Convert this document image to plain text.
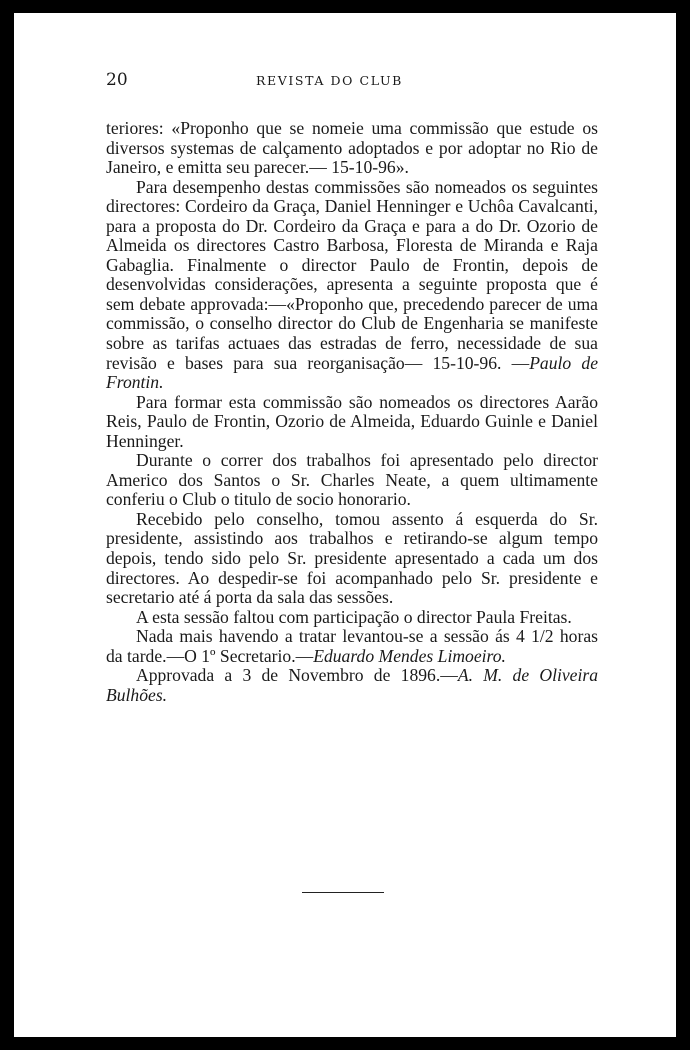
20	REVISTA DO CLUB

teriores: «Proponho que se nomeie uma commissão que estude os diversos systemas de calçamento adoptados e por adoptar no Rio de Janeiro, e emitta seu parecer.— 15-10-96».

Para desempenho destas commissões são nomeados os seguintes directores: Cordeiro da Graça, Daniel Henninger e Uchôa Cavalcanti, para a proposta do Dr. Cordeiro da Graça e para a do Dr. Ozorio de Almeida os directores Castro Barbosa, Floresta de Miranda e Raja Gabaglia. Finalmente o director Paulo de Frontin, depois de desenvolvidas considerações, apresenta a seguinte proposta que é sem debate approvada:—«Proponho que, precedendo parecer de uma commissão, o conselho director do Club de Engenharia se manifeste sobre as tarifas actuaes das estradas de ferro, necessidade de sua revisão e bases para sua reorganisação— 15-10-96. —Paulo de Frontin.

Para formar esta commissão são nomeados os directores Aarão Reis, Paulo de Frontin, Ozorio de Almeida, Eduardo Guinle e Daniel Henninger.

Durante o correr dos trabalhos foi apresentado pelo director Americo dos Santos o Sr. Charles Neate, a quem ultimamente conferiu o Club o titulo de socio honorario.

Recebido pelo conselho, tomou assento á esquerda do Sr. presidente, assistindo aos trabalhos e retirando-se algum tempo depois, tendo sido pelo Sr. presidente apresentado a cada um dos directores. Ao despedir-se foi acompanhado pelo Sr. presidente e secretario até á porta da sala das sessões.

A esta sessão faltou com participação o director Paula Freitas.

Nada mais havendo a tratar levantou-se a sessão ás 4 1/2 horas da tarde.—O 1º Secretario.—Eduardo Mendes Limoeiro.

Approvada a 3 de Novembro de 1896.—A. M. de Oliveira Bulhões.
